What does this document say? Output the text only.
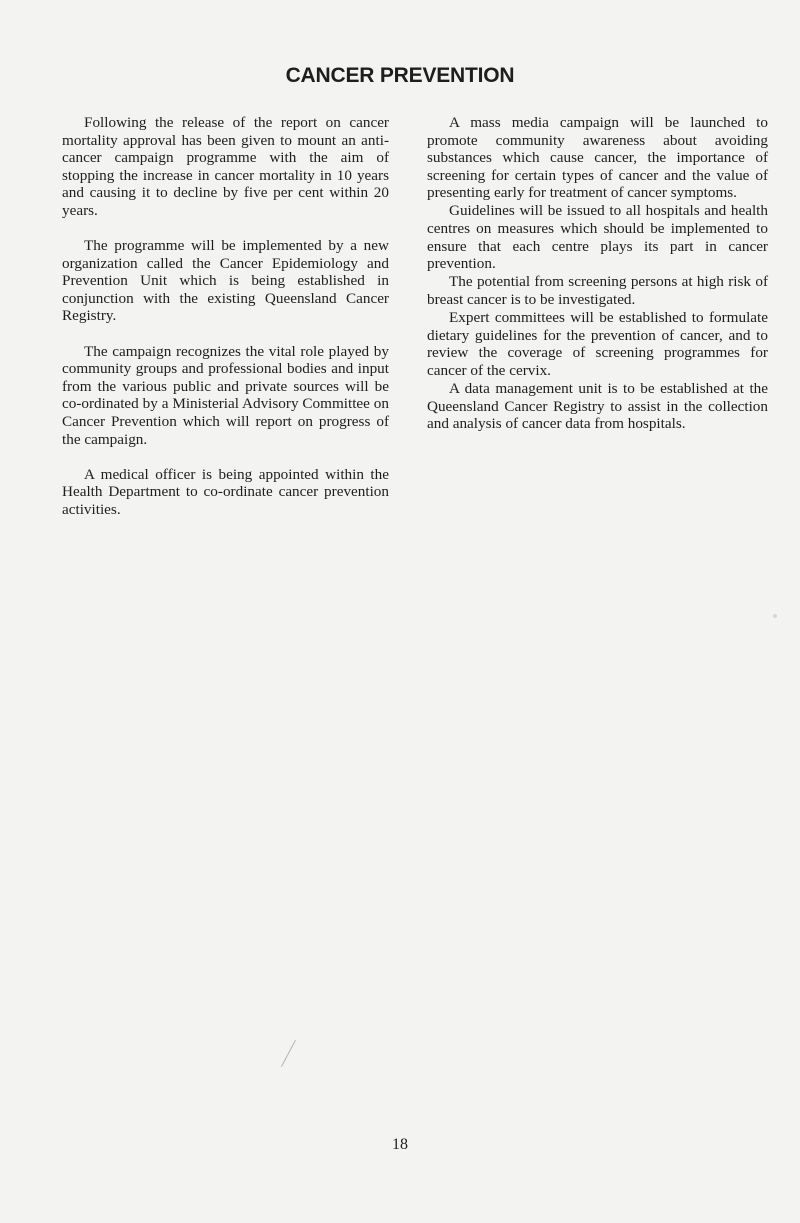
CANCER PREVENTION

Following the release of the report on cancer mortality approval has been given to mount an anti-cancer campaign programme with the aim of stopping the increase in cancer mortality in 10 years and causing it to decline by five per cent within 20 years.

The programme will be implemented by a new organization called the Cancer Epidemiology and Prevention Unit which is being established in conjunction with the existing Queensland Cancer Registry.

The campaign recognizes the vital role played by community groups and professional bodies and input from the various public and private sources will be co-ordinated by a Ministerial Advisory Committee on Cancer Prevention which will report on progress of the campaign.

A medical officer is being appointed within the Health Department to co-ordinate cancer prevention activities.

A mass media campaign will be launched to promote community awareness about avoiding substances which cause cancer, the importance of screening for certain types of cancer and the value of presenting early for treatment of cancer symptoms.

Guidelines will be issued to all hospitals and health centres on measures which should be implemented to ensure that each centre plays its part in cancer prevention.

The potential from screening persons at high risk of breast cancer is to be investigated.

Expert committees will be established to formulate dietary guidelines for the prevention of cancer, and to review the coverage of screening programmes for cancer of the cervix.

A data management unit is to be established at the Queensland Cancer Registry to assist in the collection and analysis of cancer data from hospitals.

18
